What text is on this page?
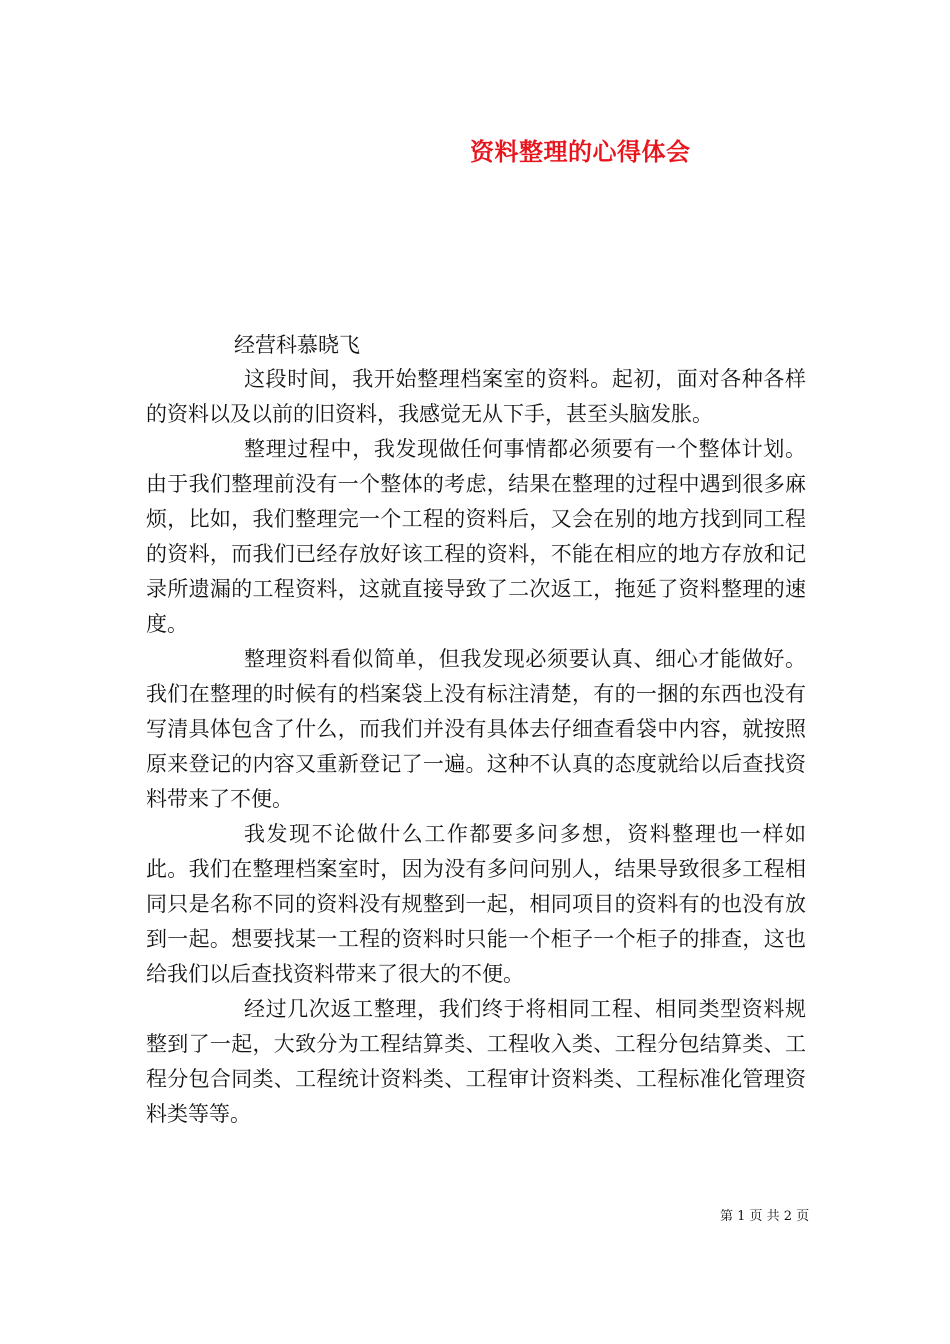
资料整理的心得体会
经营科慕晓飞

这段时间，我开始整理档案室的资料。起初，面对各种各样的资料以及以前的旧资料，我感觉无从下手，甚至头脑发胀。

整理过程中，我发现做任何事情都必须要有一个整体计划。由于我们整理前没有一个整体的考虑，结果在整理的过程中遇到很多麻烦，比如，我们整理完一个工程的资料后，又会在别的地方找到同工程的资料，而我们已经存放好该工程的资料，不能在相应的地方存放和记录所遗漏的工程资料，这就直接导致了二次返工，拖延了资料整理的速度。

整理资料看似简单，但我发现必须要认真、细心才能做好。我们在整理的时候有的档案袋上没有标注清楚，有的一捆的东西也没有写清具体包含了什么，而我们并没有具体去仔细查看袋中内容，就按照原来登记的内容又重新登记了一遍。这种不认真的态度就给以后查找资料带来了不便。

我发现不论做什么工作都要多问多想，资料整理也一样如此。我们在整理档案室时，因为没有多问问别人，结果导致很多工程相同只是名称不同的资料没有规整到一起，相同项目的资料有的也没有放到一起。想要找某一工程的资料时只能一个柜子一个柜子的排查，这也给我们以后查找资料带来了很大的不便。

经过几次返工整理，我们终于将相同工程、相同类型资料规整到了一起，大致分为工程结算类、工程收入类、工程分包结算类、工程分包合同类、工程统计资料类、工程审计资料类、工程标准化管理资料类等等。

第 1 页 共 2 页
